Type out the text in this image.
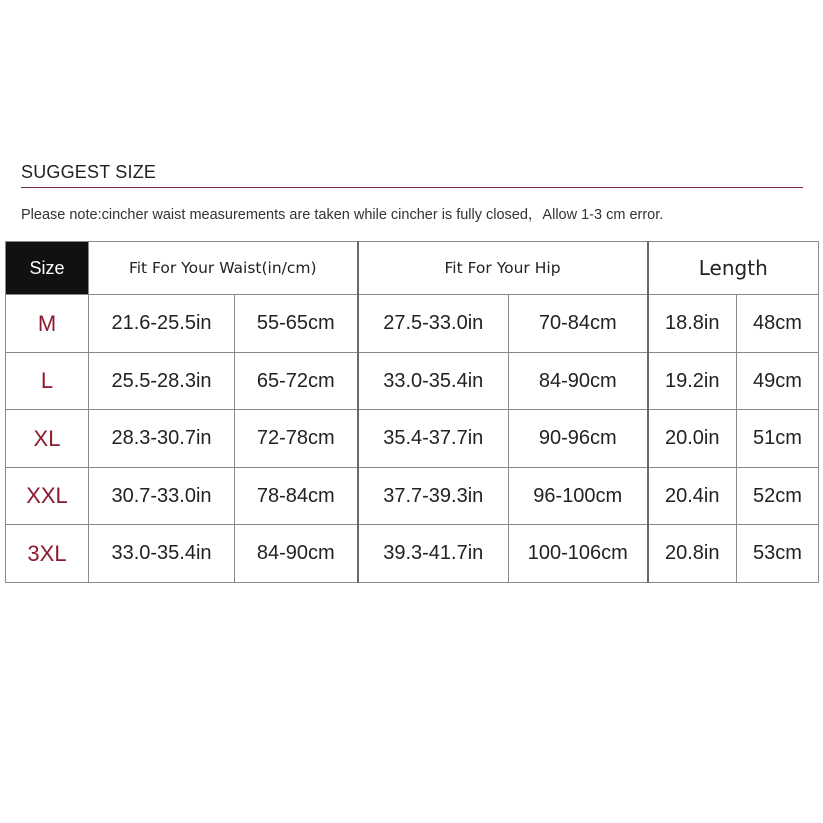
SUGGEST SIZE
Please note:cincher waist measurements are taken while cincher is fully closed，Allow 1-3 cm error.
Size	Fit For Your Waist(in/cm)		Fit For Your Hip		Length	
M	21.6-25.5in	55-65cm	27.5-33.0in	70-84cm	18.8in	48cm
L	25.5-28.3in	65-72cm	33.0-35.4in	84-90cm	19.2in	49cm
XL	28.3-30.7in	72-78cm	35.4-37.7in	90-96cm	20.0in	51cm
XXL	30.7-33.0in	78-84cm	37.7-39.3in	96-100cm	20.4in	52cm
3XL	33.0-35.4in	84-90cm	39.3-41.7in	100-106cm	20.8in	53cm
